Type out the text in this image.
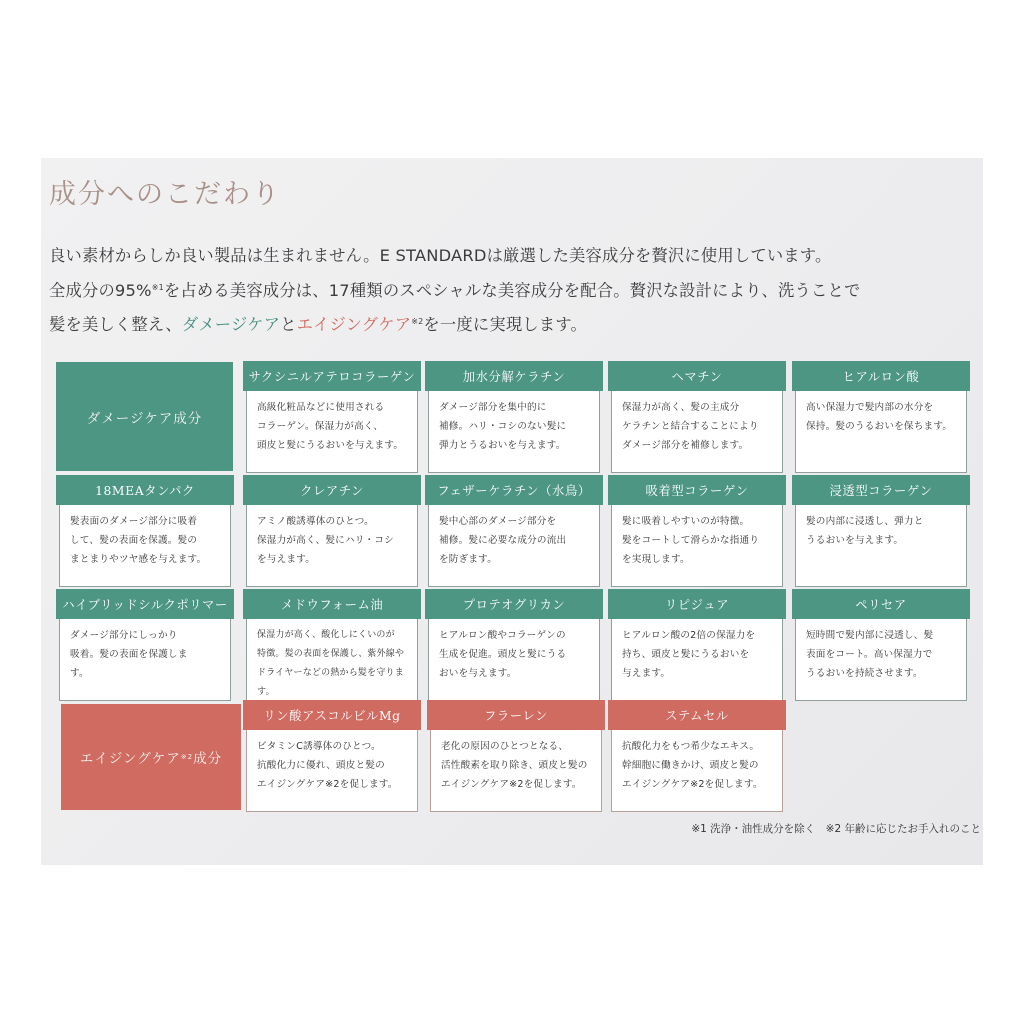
成分へのこだわり
良い素材からしか良い製品は生まれません。E STANDARDは厳選した美容成分を贅沢に使用しています。
全成分の95%$^{※1}$を占める美容成分は、17種類のスペシャルな美容成分を配合。贅沢な設計により、洗うことで
髪を美しく整え、ダメージケアとエイジングケア$^{※2}$を一度に実現します。
ダメージケア成分
エイジングケア ※2 成分
サクシニルアテロコラーゲン
高級化粧品などに使用される
コラーゲン。保湿力が高く、
頭皮と髪にうるおいを与えます。
加水分解ケラチン
ダメージ部分を集中的に
補修。ハリ・コシのない髪に
弾力とうるおいを与えます。
ヘマチン
保湿力が高く、髪の主成分
ケラチンと結合することにより
ダメージ部分を補修します。
ヒアルロン酸
高い保湿力で髪内部の水分を
保持。髪のうるおいを保ちます。
18MEAタンパク
髪表面のダメージ部分に吸着
して、髪の表面を保護。髪の
まとまりやツヤ感を与えます。
クレアチン
アミノ酸誘導体のひとつ。
保湿力が高く、髪にハリ・コシ
を与えます。
フェザーケラチン（水鳥）
髪中心部のダメージ部分を
補修。髪に必要な成分の流出
を防ぎます。
吸着型コラーゲン
髪に吸着しやすいのが特徴。
髪をコートして滑らかな指通り
を実現します。
浸透型コラーゲン
髪の内部に浸透し、弾力と
うるおいを与えます。
ハイブリッドシルクポリマー
ダメージ部分にしっかり
吸着。髪の表面を保護しま
す。
メドウフォーム油
保湿力が高く、酸化しにくいのが
特徴。髪の表面を保護し、紫外線や
ドライヤーなどの熱から髪を守ります。
プロテオグリカン
ヒアルロン酸やコラーゲンの
生成を促進。頭皮と髪にうる
おいを与えます。
リピジュア
ヒアルロン酸の2倍の保湿力を
持ち、頭皮と髪にうるおいを
与えます。
ペリセア
短時間で髪内部に浸透し、髪
表面をコート。高い保湿力で
うるおいを持続させます。
リン酸アスコルビルMg
ビタミンC誘導体のひとつ。
抗酸化力に優れ、頭皮と髪の
エイジングケア※2を促します。
フラーレン
老化の原因のひとつとなる、
活性酸素を取り除き、頭皮と髪の
エイジングケア※2を促します。
ステムセル
抗酸化力をもつ希少なエキス。
幹細胞に働きかけ、頭皮と髪の
エイジングケア※2を促します。
※1 洗浄・油性成分を除く　※2 年齢に応じたお手入れのこと
